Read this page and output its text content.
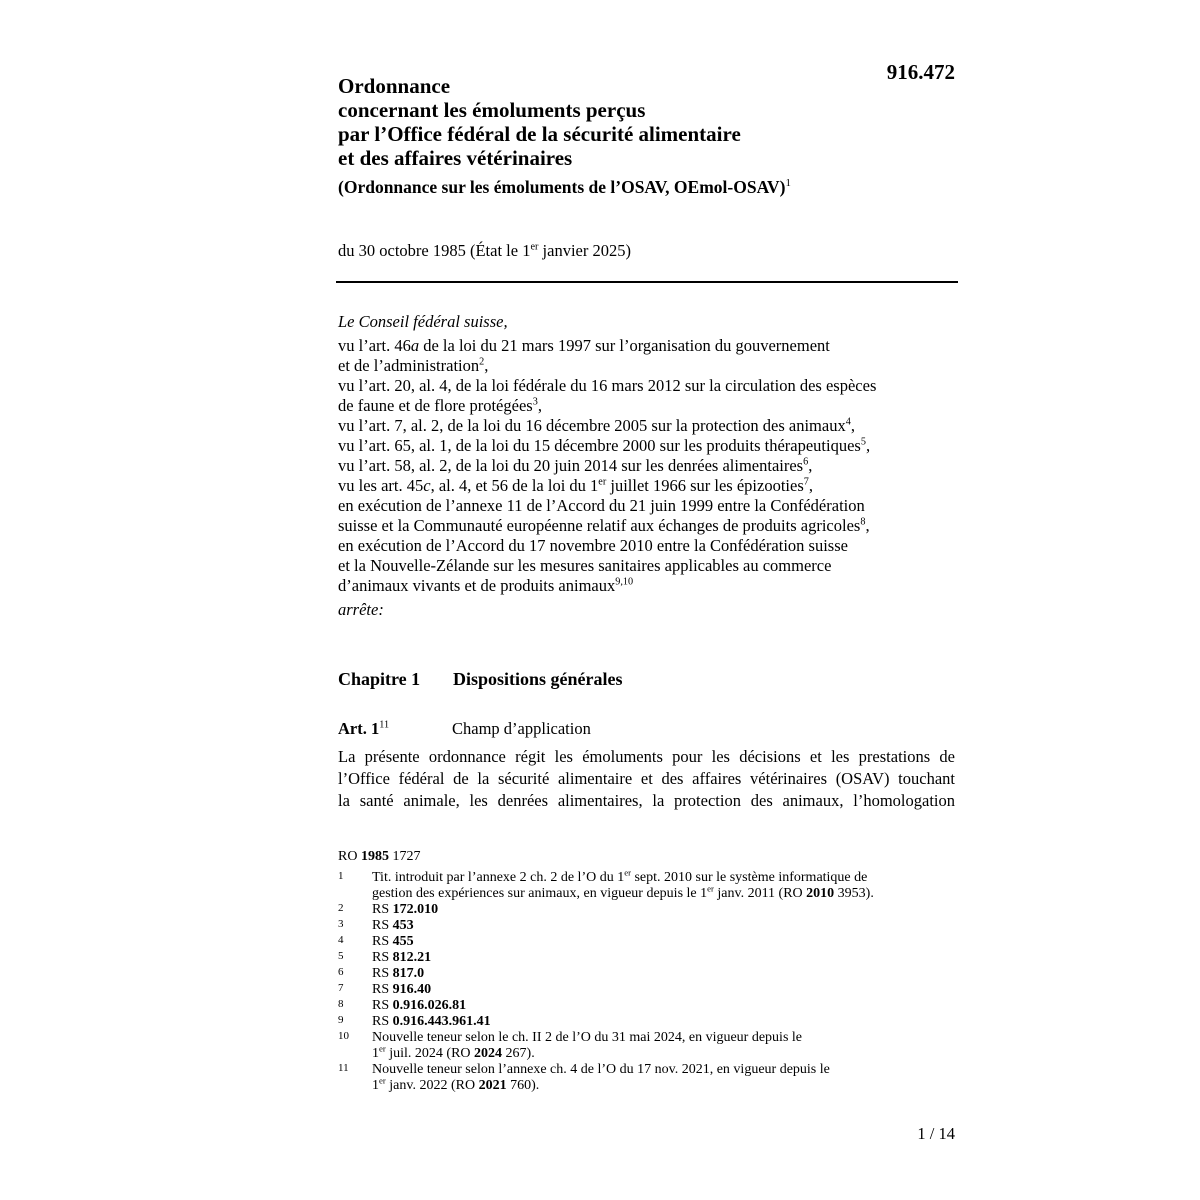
916.472
Ordonnance
concernant les émoluments perçus
par l’Office fédéral de la sécurité alimentaire
et des affaires vétérinaires
(Ordonnance sur les émoluments de l’OSAV, OEmol-OSAV)$^1$
du 30 octobre 1985 (État le 1er janvier 2025)
Le Conseil fédéral suisse,
vu l’art. 46a de la loi du 21 mars 1997 sur l’organisation du gouvernement
et de l’administration$^2$,
vu l’art. 20, al. 4, de la loi fédérale du 16 mars 2012 sur la circulation des espèces
de faune et de flore protégées$^3$,
vu l’art. 7, al. 2, de la loi du 16 décembre 2005 sur la protection des animaux$^4$,
vu l’art. 65, al. 1, de la loi du 15 décembre 2000 sur les produits thérapeutiques$^5$,
vu l’art. 58, al. 2, de la loi du 20 juin 2014 sur les denrées alimentaires$^6$,
vu les art. 45c, al. 4, et 56 de la loi du 1er juillet 1966 sur les épizooties$^7$,
en exécution de l’annexe 11 de l’Accord du 21 juin 1999 entre la Confédération
suisse et la Communauté européenne relatif aux échanges de produits agricoles$^8$,
en exécution de l’Accord du 17 novembre 2010 entre la Confédération suisse
et la Nouvelle-Zélande sur les mesures sanitaires applicables au commerce
d’animaux vivants et de produits animaux$^{9,10}$
arrête:
Chapitre 1 Dispositions générales
Art. $1^{11}$	Champ d’application
La présente ordonnance régit les émoluments pour les décisions et les prestations de
l’Office fédéral de la sécurité alimentaire et des affaires vétérinaires (OSAV) touchant
la santé animale, les denrées alimentaires, la protection des animaux, l’homologation
RO 1985 1727
1 Tit. introduit par l’annexe 2 ch. 2 de l’O du 1er sept. 2010 sur le système informatique de
gestion des expériences sur animaux, en vigueur depuis le 1er janv. 2011 (RO 2010 3953).
2 RS 172.010
3 RS 453
4 RS 455
5 RS 812.21
6 RS 817.0
7 RS 916.40
8 RS 0.916.026.81
9 RS 0.916.443.961.41
10 Nouvelle teneur selon le ch. II 2 de l’O du 31 mai 2024, en vigueur depuis le
1er juil. 2024 (RO 2024 267).
11 Nouvelle teneur selon l’annexe ch. 4 de l’O du 17 nov. 2021, en vigueur depuis le
1er janv. 2022 (RO 2021 760).
1 / 14
